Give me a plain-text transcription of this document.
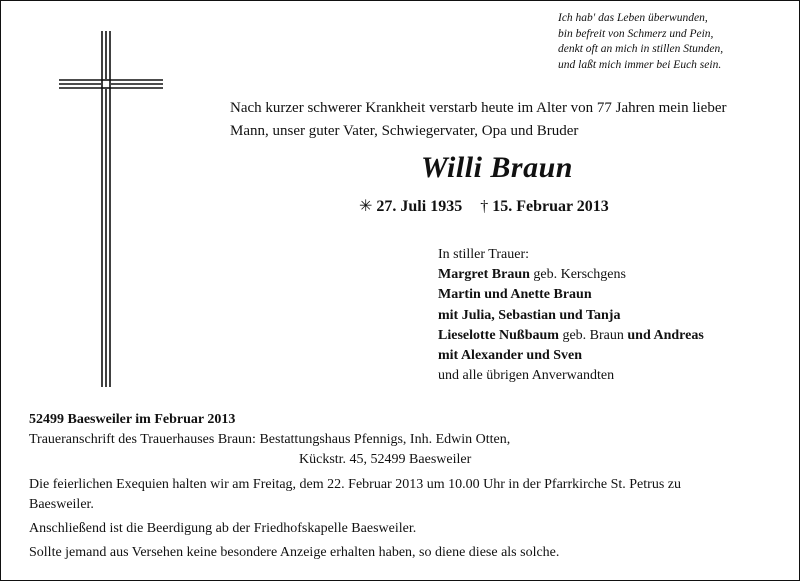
Ich hab' das Leben überwunden,
bin befreit von Schmerz und Pein,
denkt oft an mich in stillen Stunden,
und laßt mich immer bei Euch sein.
Nach kurzer schwerer Krankheit verstarb heute im Alter von 77 Jahren mein lieber
Mann, unser guter Vater, Schwiegervater, Opa und Bruder
Willi Braun
✳ 27. Juli 1935 † 15. Februar 2013
In stiller Trauer:
Margret Braun geb. Kerschgens
Martin und Anette Braun
mit Julia, Sebastian und Tanja
Lieselotte Nußbaum geb. Braun und Andreas
mit Alexander und Sven
und alle übrigen Anverwandten
52499 Baesweiler im Februar 2013
Traueranschrift des Trauerhauses Braun: Bestattungshaus Pfennigs, Inh. Edwin Otten,
Kückstr. 45, 52499 Baesweiler
Die feierlichen Exequien halten wir am Freitag, dem 22. Februar 2013 um 10.00 Uhr in der Pfarrkirche St. Petrus zu
Baesweiler.
Anschließend ist die Beerdigung ab der Friedhofskapelle Baesweiler.
Sollte jemand aus Versehen keine besondere Anzeige erhalten haben, so diene diese als solche.
